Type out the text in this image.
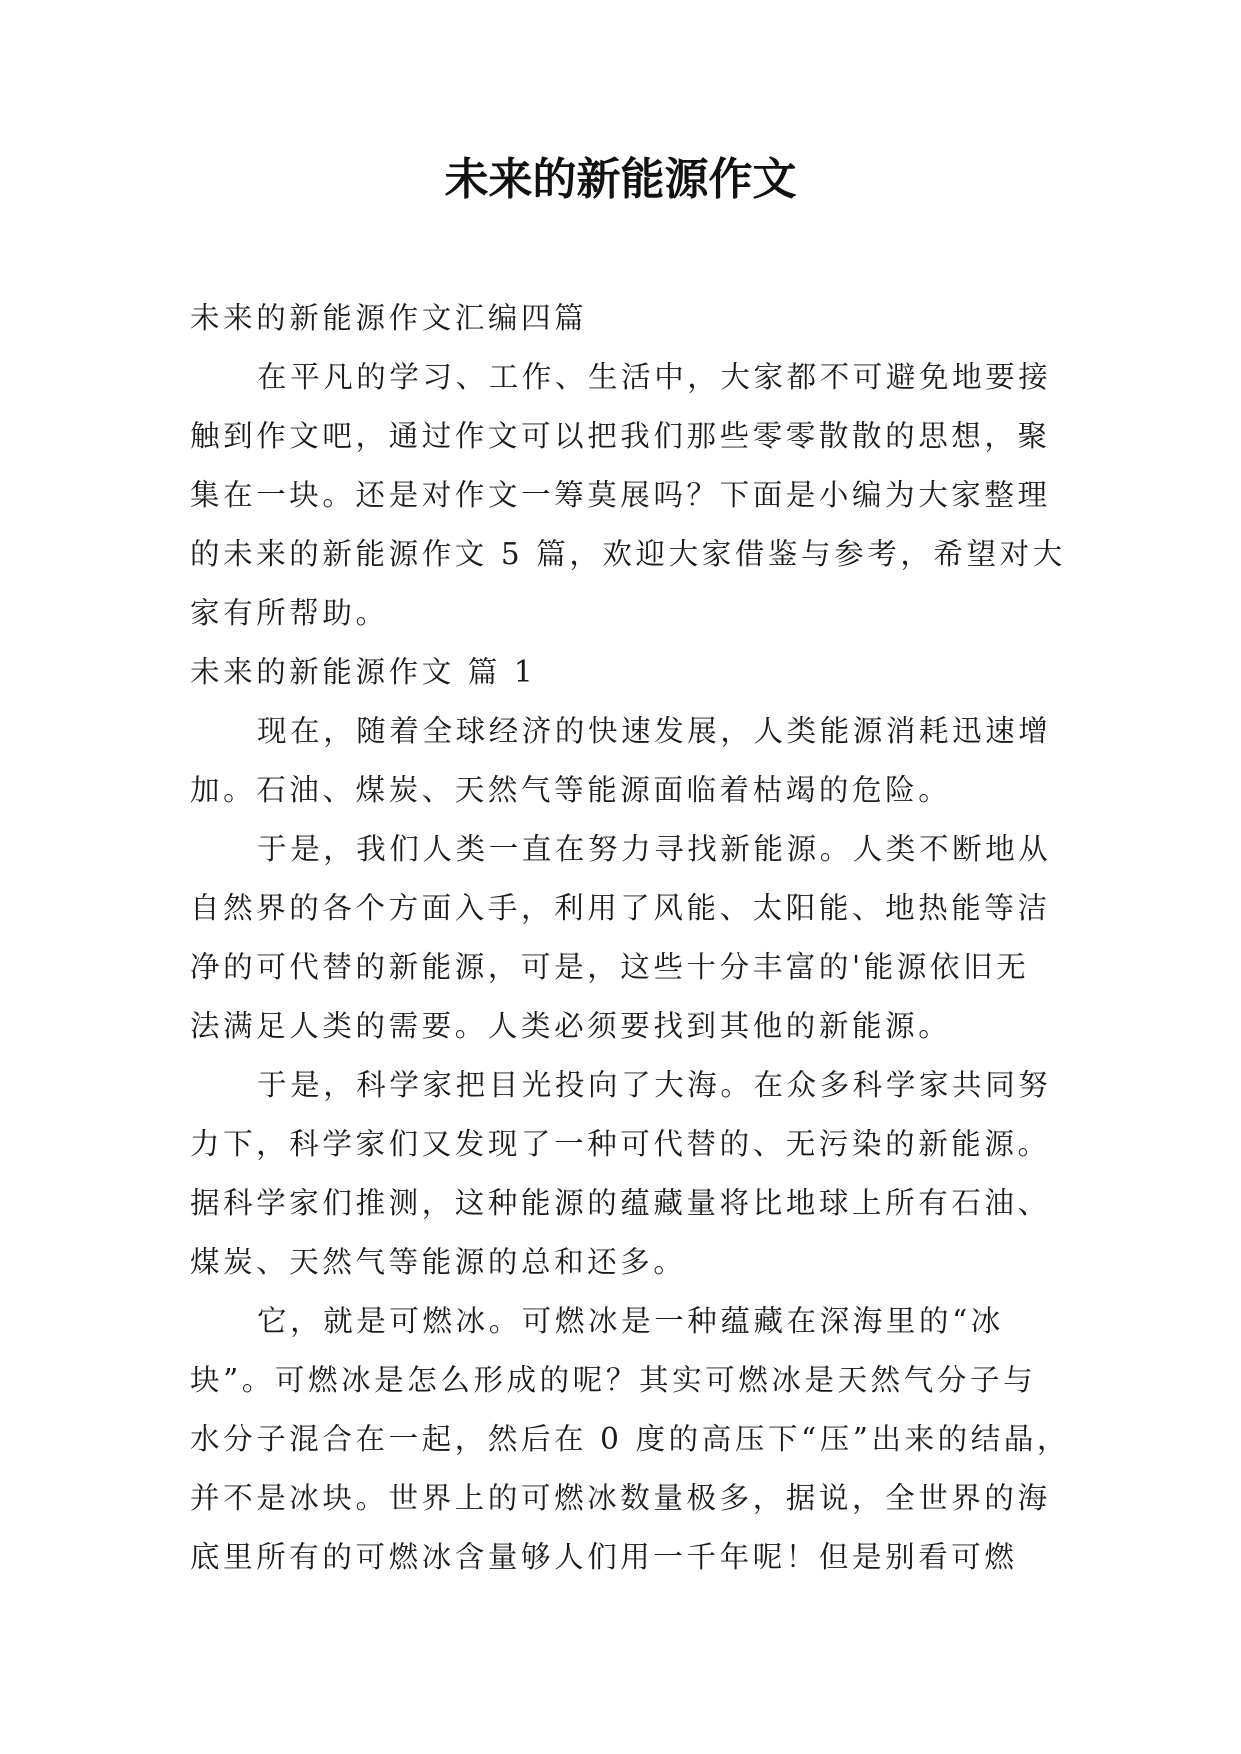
未来的新能源作文

未来的新能源作文汇编四篇

在平凡的学习、工作、生活中，大家都不可避免地要接

触到作文吧，通过作文可以把我们那些零零散散的思想，聚

集在一块。还是对作文一筹莫展吗？下面是小编为大家整理

的未来的新能源作文 5 篇，欢迎大家借鉴与参考，希望对大

家有所帮助。

未来的新能源作文 篇 1

现在，随着全球经济的快速发展，人类能源消耗迅速增

加。石油、煤炭、天然气等能源面临着枯竭的危险。

于是，我们人类一直在努力寻找新能源。人类不断地从

自然界的各个方面入手，利用了风能、太阳能、地热能等洁

净的可代替的新能源，可是，这些十分丰富的'能源依旧无

法满足人类的需要。人类必须要找到其他的新能源。

于是，科学家把目光投向了大海。在众多科学家共同努

力下，科学家们又发现了一种可代替的、无污染的新能源。

据科学家们推测，这种能源的蕴藏量将比地球上所有石油、

煤炭、天然气等能源的总和还多。

它，就是可燃冰。可燃冰是一种蕴藏在深海里的“冰

块”。可燃冰是怎么形成的呢？其实可燃冰是天然气分子与

水分子混合在一起，然后在 0 度的高压下“压”出来的结晶，

并不是冰块。世界上的可燃冰数量极多，据说，全世界的海

底里所有的可燃冰含量够人们用一千年呢！但是别看可燃
